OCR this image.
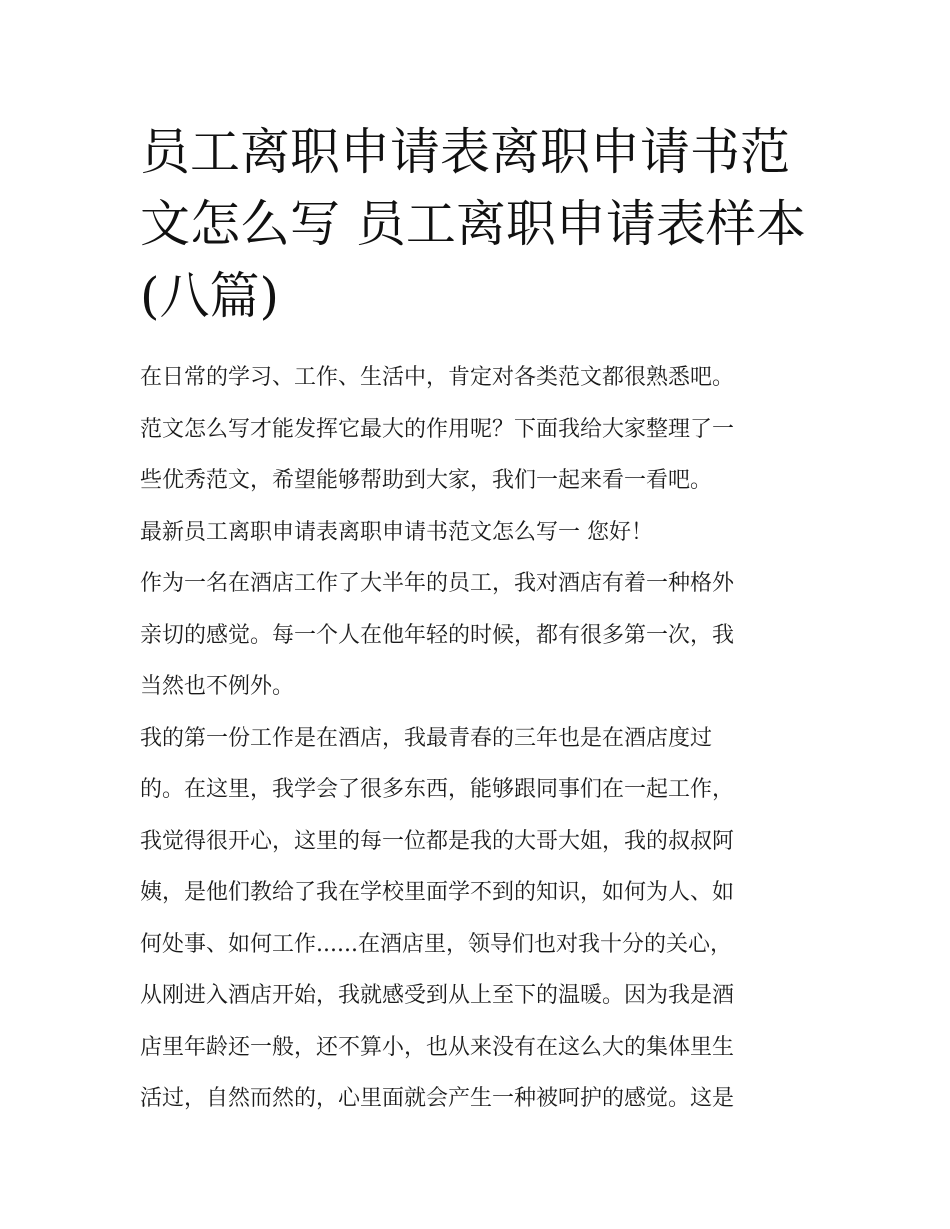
员工离职申请表离职申请书范
文怎么写 员工离职申请表样本
(八篇)
在日常的学习、工作、生活中，肯定对各类范文都很熟悉吧。
范文怎么写才能发挥它最大的作用呢？下面我给大家整理了一
些优秀范文，希望能够帮助到大家，我们一起来看一看吧。
最新员工离职申请表离职申请书范文怎么写一 您好！
作为一名在酒店工作了大半年的员工，我对酒店有着一种格外
亲切的感觉。每一个人在他年轻的时候，都有很多第一次，我
当然也不例外。
我的第一份工作是在酒店，我最青春的三年也是在酒店度过
的。在这里，我学会了很多东西，能够跟同事们在一起工作，
我觉得很开心，这里的每一位都是我的大哥大姐，我的叔叔阿
姨，是他们教给了我在学校里面学不到的知识，如何为人、如
何处事、如何工作......在酒店里，领导们也对我十分的关心，
从刚进入酒店开始，我就感受到从上至下的温暖。因为我是酒
店里年龄还一般，还不算小，也从来没有在这么大的集体里生
活过，自然而然的，心里面就会产生一种被呵护的感觉。这是
